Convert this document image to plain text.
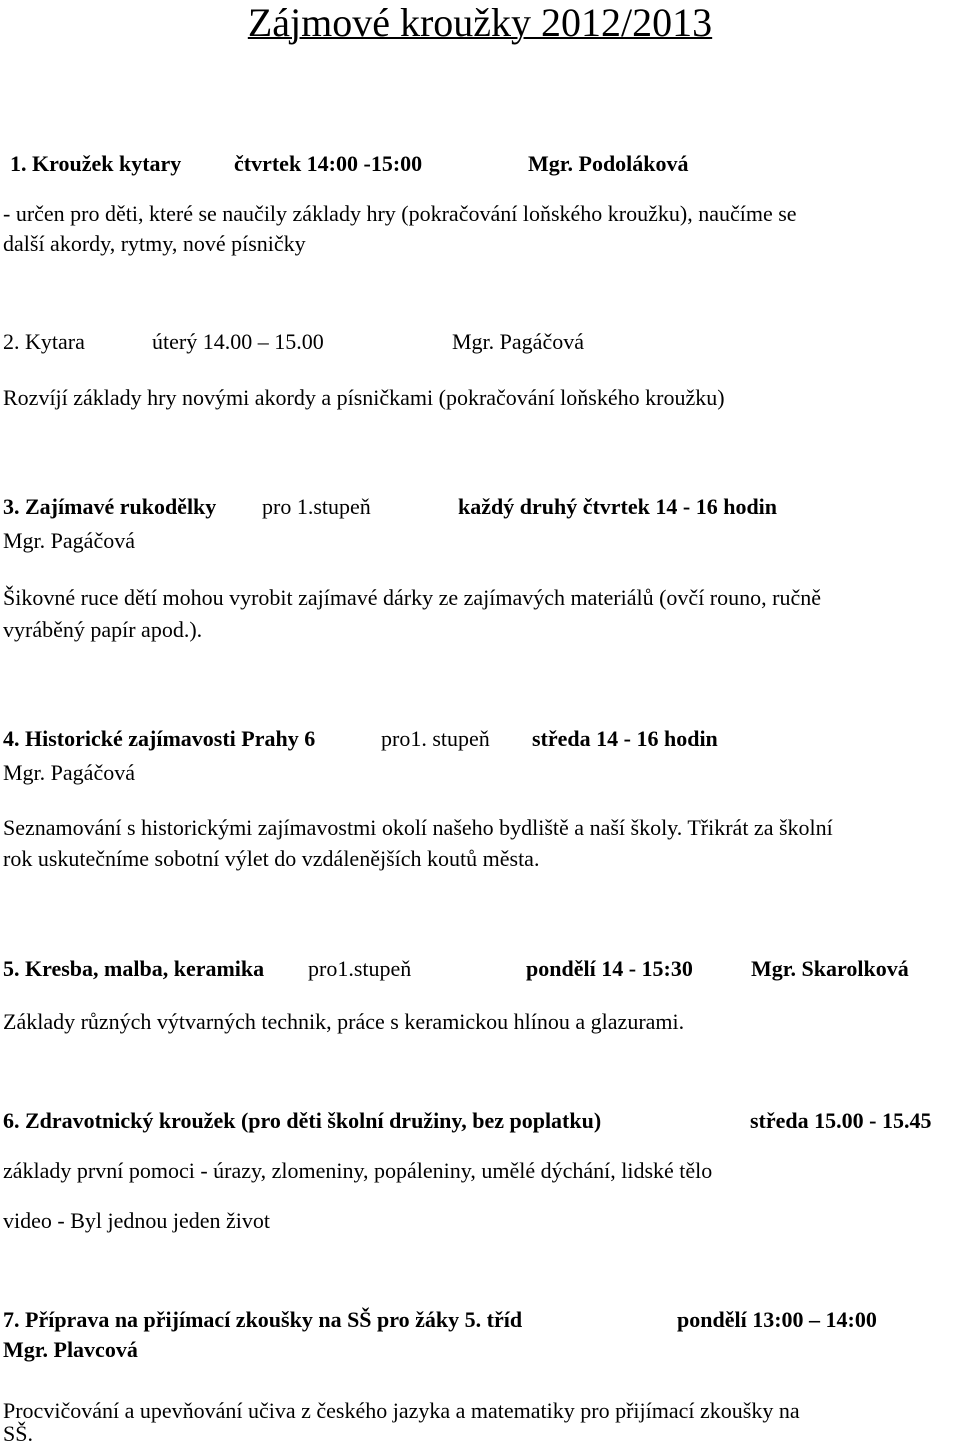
Zájmové kroužky 2012/2013
1. Kroužek kytary čtvrtek 14:00 -15:00	Mgr. Podoláková
- určen pro děti, které se naučily základy hry (pokračování loňského kroužku), naučíme se
další akordy, rytmy, nové písničky
2. Kytara	úterý 14.00 – 15.00	Mgr. Pagáčová
Rozvíjí základy hry novými akordy a písničkami (pokračování loňského kroužku)
3. Zajímavé rukodělky pro 1.stupeň	každý druhý čtvrtek 14 - 16 hodin
Mgr. Pagáčová
Šikovné ruce dětí mohou vyrobit zajímavé dárky ze zajímavých materiálů (ovčí rouno, ručně
vyráběný papír apod.).
4. Historické zajímavosti Prahy 6	pro1. stupeň středa 14 - 16 hodin
Mgr. Pagáčová
Seznamování s historickými zajímavostmi okolí našeho bydliště a naší školy. Třikrát za školní
rok uskutečníme sobotní výlet do vzdálenějších koutů města.
5. Kresba, malba, keramika pro1.stupeň	pondělí 14 - 15:30	Mgr. Skarolková
Základy různých výtvarných technik, práce s keramickou hlínou a glazurami.
6. Zdravotnický kroužek (pro děti školní družiny, bez poplatku)	středa 15.00 - 15.45
základy první pomoci - úrazy, zlomeniny, popáleniny, umělé dýchání, lidské tělo
video - Byl jednou jeden život
7. Příprava na přijímací zkoušky na SŠ pro žáky 5. tříd	pondělí 13:00 – 14:00
Mgr. Plavcová
Procvičování a upevňování učiva z českého jazyka a matematiky pro přijímací zkoušky na
SŠ.
